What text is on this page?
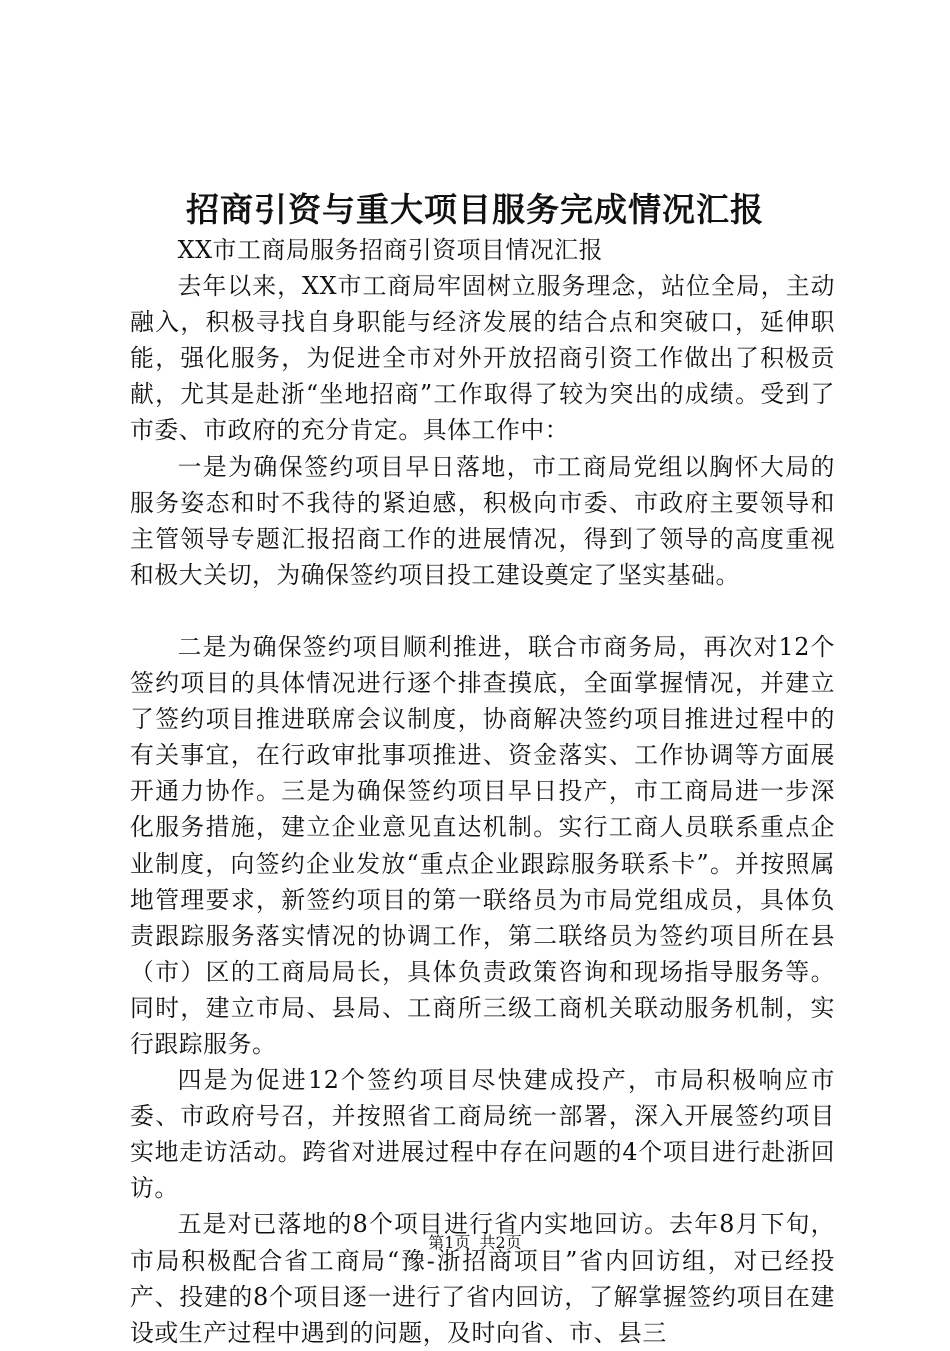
招商引资与重大项目服务完成情况汇报

XX市工商局服务招商引资项目情况汇报

去年以来，XX市工商局牢固树立服务理念，站位全局，主动融入，积极寻找自身职能与经济发展的结合点和突破口，延伸职能，强化服务，为促进全市对外开放招商引资工作做出了积极贡献，尤其是赴浙“坐地招商”工作取得了较为突出的成绩。受到了市委、市政府的充分肯定。具体工作中：

一是为确保签约项目早日落地，市工商局党组以胸怀大局的服务姿态和时不我待的紧迫感，积极向市委、市政府主要领导和主管领导专题汇报招商工作的进展情况，得到了领导的高度重视和极大关切，为确保签约项目投工建设奠定了坚实基础。

二是为确保签约项目顺利推进，联合市商务局，再次对12个签约项目的具体情况进行逐个排查摸底，全面掌握情况，并建立了签约项目推进联席会议制度，协商解决签约项目推进过程中的有关事宜，在行政审批事项推进、资金落实、工作协调等方面展开通力协作。三是为确保签约项目早日投产，市工商局进一步深化服务措施，建立企业意见直达机制。实行工商人员联系重点企业制度，向签约企业发放“重点企业跟踪服务联系卡”。并按照属地管理要求，新签约项目的第一联络员为市局党组成员，具体负责跟踪服务落实情况的协调工作，第二联络员为签约项目所在县（市）区的工商局局长，具体负责政策咨询和现场指导服务等。同时，建立市局、县局、工商所三级工商机关联动服务机制，实行跟踪服务。

四是为促进12个签约项目尽快建成投产，市局积极响应市委、市政府号召，并按照省工商局统一部署，深入开展签约项目实地走访活动。跨省对进展过程中存在问题的4个项目进行赴浙回访。

五是对已落地的8个项目进行省内实地回访。去年8月下旬，市局积极配合省工商局“豫-浙招商项目”省内回访组，对已经投产、投建的8个项目逐一进行了省内回访，了解掌握签约项目在建设或生产过程中遇到的问题，及时向省、市、县三

第1页 共2页
